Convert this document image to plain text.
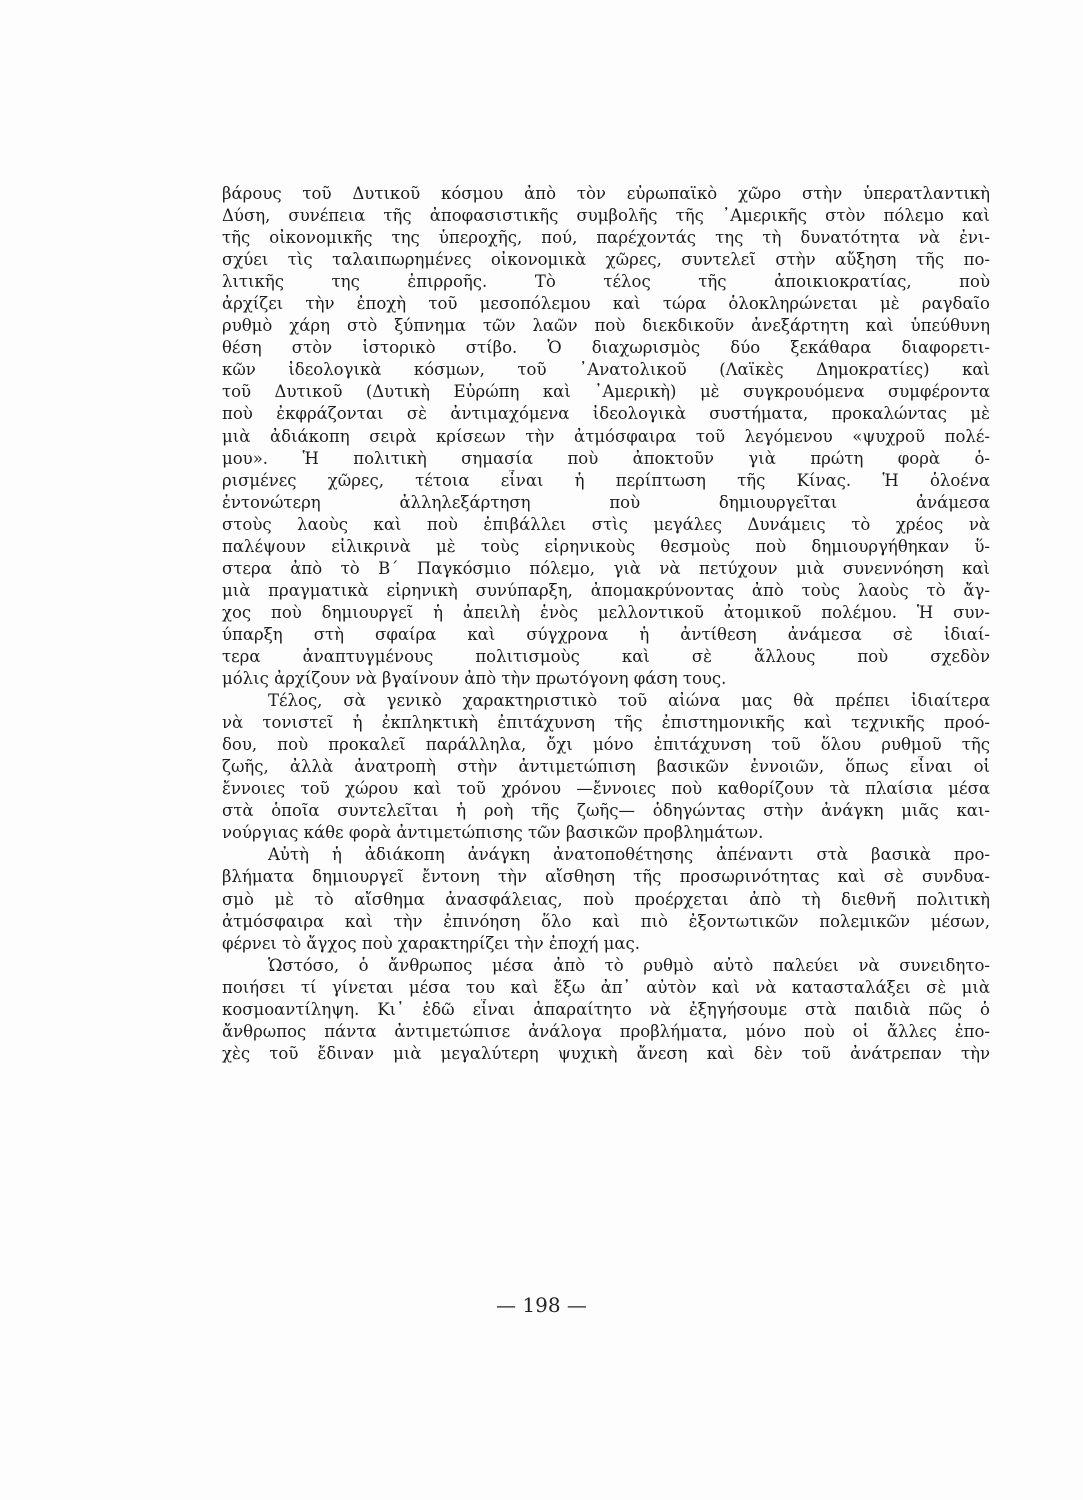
βάρους τοῦ Δυτικοῦ κόσμου ἀπὸ τὸν εὐρωπαϊκὸ χῶρο στὴν ὑπερατλαντικὴ
Δύση, συνέπεια τῆς ἀποφασιστικῆς συμβολῆς τῆς ᾿Αμερικῆς στὸν πόλεμο καὶ
τῆς οἰκονομικῆς της ὑπεροχῆς, πού, παρέχοντάς της τὴ δυνατότητα νὰ ἐνι-
σχύει τὶς ταλαιπωρημένες οἰκονομικὰ χῶρες, συντελεῖ στὴν αὔξηση τῆς πο-
λιτικῆς της ἐπιρροῆς. Τὸ τέλος τῆς ἀποικιοκρατίας, ποὺ
ἀρχίζει τὴν ἐποχὴ τοῦ μεσοπόλεμου καὶ τώρα ὁλοκληρώνεται μὲ ραγδαῖο
ρυθμὸ χάρη στὸ ξύπνημα τῶν λαῶν ποὺ διεκδικοῦν ἀνεξάρτητη καὶ ὑπεύθυνη
θέση στὸν ἱστορικὸ στίβο. Ὁ διαχωρισμὸς δύο ξεκάθαρα διαφορετι-
κῶν ἰδεολογικὰ κόσμων, τοῦ ᾿Ανατολικοῦ (Λαϊκὲς Δημοκρατίες) καὶ
τοῦ Δυτικοῦ (Δυτικὴ Εὐρώπη καὶ ᾿Αμερικὴ) μὲ συγκρουόμενα συμφέροντα
ποὺ ἐκφράζονται σὲ ἀντιμαχόμενα ἰδεολογικὰ συστήματα, προκαλώντας μὲ
μιὰ ἀδιάκοπη σειρὰ κρίσεων τὴν ἀτμόσφαιρα τοῦ λεγόμενου «ψυχροῦ πολέ-
μου». Ἡ πολιτικὴ σημασία ποὺ ἀποκτοῦν γιὰ πρώτη φορὰ ὁ-
ρισμένες χῶρες, τέτοια εἶναι ἡ περίπτωση τῆς Κίνας. Ἡ ὁλοένα
ἐντονώτερη ἀλληλεξάρτηση ποὺ δημιουργεῖται ἀνάμεσα
στοὺς λαοὺς καὶ ποὺ ἐπιβάλλει στὶς μεγάλες Δυνάμεις τὸ χρέος νὰ
παλέψουν εἰλικρινὰ μὲ τοὺς εἰρηνικοὺς θεσμοὺς ποὺ δημιουργήθηκαν ὕ-
στερα ἀπὸ τὸ Β΄ Παγκόσμιο πόλεμο, γιὰ νὰ πετύχουν μιὰ συνεννόηση καὶ
μιὰ πραγματικὰ εἰρηνικὴ συνύπαρξη, ἀπομακρύνοντας ἀπὸ τοὺς λαοὺς τὸ ἄγ-
χος ποὺ δημιουργεῖ ἡ ἀπειλὴ ἑνὸς μελλοντικοῦ ἀτομικοῦ πολέμου. Ἡ συν-
ύπαρξη στὴ σφαίρα καὶ σύγχρονα ἡ ἀντίθεση ἀνάμεσα σὲ ἰδιαί-
τερα ἀναπτυγμένους πολιτισμοὺς καὶ σὲ ἄλλους ποὺ σχεδὸν
μόλις ἀρχίζουν νὰ βγαίνουν ἀπὸ τὴν πρωτόγονη φάση τους.
Τέλος, σὰ γενικὸ χαρακτηριστικὸ τοῦ αἰώνα μας θὰ πρέπει ἰδιαίτερα
νὰ τονιστεῖ ἡ ἐκπληκτικὴ ἐπιτάχυνση τῆς ἐπιστημονικῆς καὶ τεχνικῆς προό-
δου, ποὺ προκαλεῖ παράλληλα, ὄχι μόνο ἐπιτάχυνση τοῦ ὅλου ρυθμοῦ τῆς
ζωῆς, ἀλλὰ ἀνατροπὴ στὴν ἀντιμετώπιση βασικῶν ἐννοιῶν, ὅπως εἶναι οἱ
ἔννοιες τοῦ χώρου καὶ τοῦ χρόνου —ἔννοιες ποὺ καθορίζουν τὰ πλαίσια μέσα
στὰ ὁποῖα συντελεῖται ἡ ροὴ τῆς ζωῆς— ὁδηγώντας στὴν ἀνάγκη μιᾶς και-
νούργιας κάθε φορὰ ἀντιμετώπισης τῶν βασικῶν προβλημάτων.
Αὐτὴ ἡ ἀδιάκοπη ἀνάγκη ἀνατοποθέτησης ἀπέναντι στὰ βασικὰ προ-
βλήματα δημιουργεῖ ἔντονη τὴν αἴσθηση τῆς προσωρινότητας καὶ σὲ συνδυα-
σμὸ μὲ τὸ αἴσθημα ἀνασφάλειας, ποὺ προέρχεται ἀπὸ τὴ διεθνῆ πολιτικὴ
ἀτμόσφαιρα καὶ τὴν ἐπινόηση ὅλο καὶ πιὸ ἐξοντωτικῶν πολεμικῶν μέσων,
φέρνει τὸ ἄγχος ποὺ χαρακτηρίζει τὴν ἐποχή μας.
Ὡστόσο, ὁ ἄνθρωπος μέσα ἀπὸ τὸ ρυθμὸ αὐτὸ παλεύει νὰ συνειδητο-
ποιήσει τί γίνεται μέσα του καὶ ἔξω ἀπ᾿ αὐτὸν καὶ νὰ κατασταλάξει σὲ μιὰ
κοσμοαντίληψη. Κι᾿ ἐδῶ εἶναι ἀπαραίτητο νὰ ἐξηγήσουμε στὰ παιδιὰ πῶς ὁ
ἄνθρωπος πάντα ἀντιμετώπισε ἀνάλογα προβλήματα, μόνο ποὺ οἱ ἄλλες ἐπο-
χὲς τοῦ ἔδιναν μιὰ μεγαλύτερη ψυχικὴ ἄνεση καὶ δὲν τοῦ ἀνάτρεπαν τὴν
— 198 —
